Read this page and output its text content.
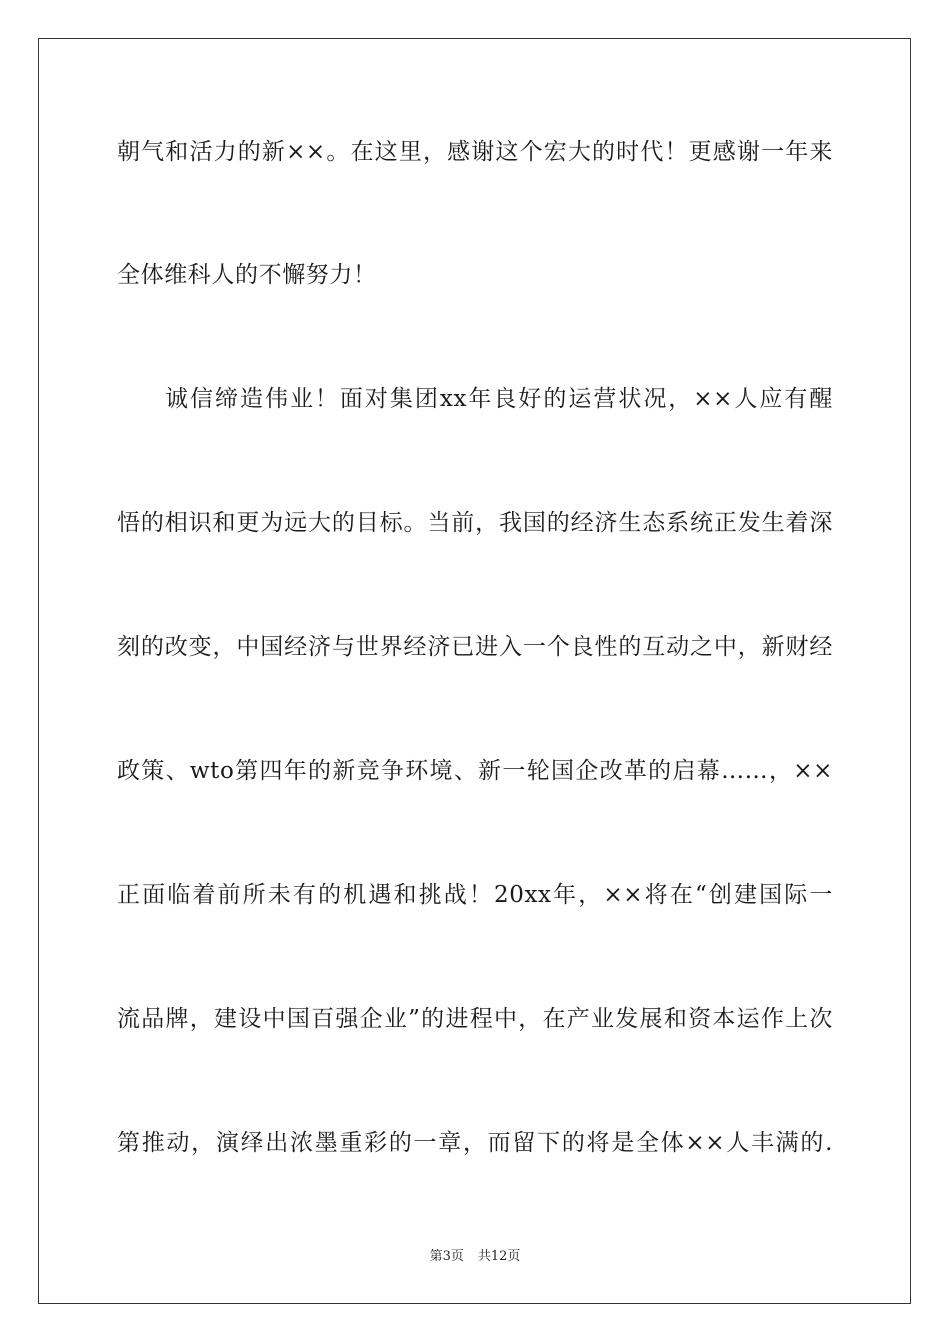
朝气和活力的新××。在这里，感谢这个宏大的时代！更感谢一年来
全体维科人的不懈努力！
诚信缔造伟业！面对集团xx年良好的运营状况，××人应有醒
悟的相识和更为远大的目标。当前，我国的经济生态系统正发生着深
刻的改变，中国经济与世界经济已进入一个良性的互动之中，新财经
政策、wto第四年的新竞争环境、新一轮国企改革的启幕……，××
正面临着前所未有的机遇和挑战！20xx年，××将在“创建国际一
流品牌，建设中国百强企业”的进程中，在产业发展和资本运作上次
第推动，演绎出浓墨重彩的一章，而留下的将是全体××人丰满的.
第3页 共12页
